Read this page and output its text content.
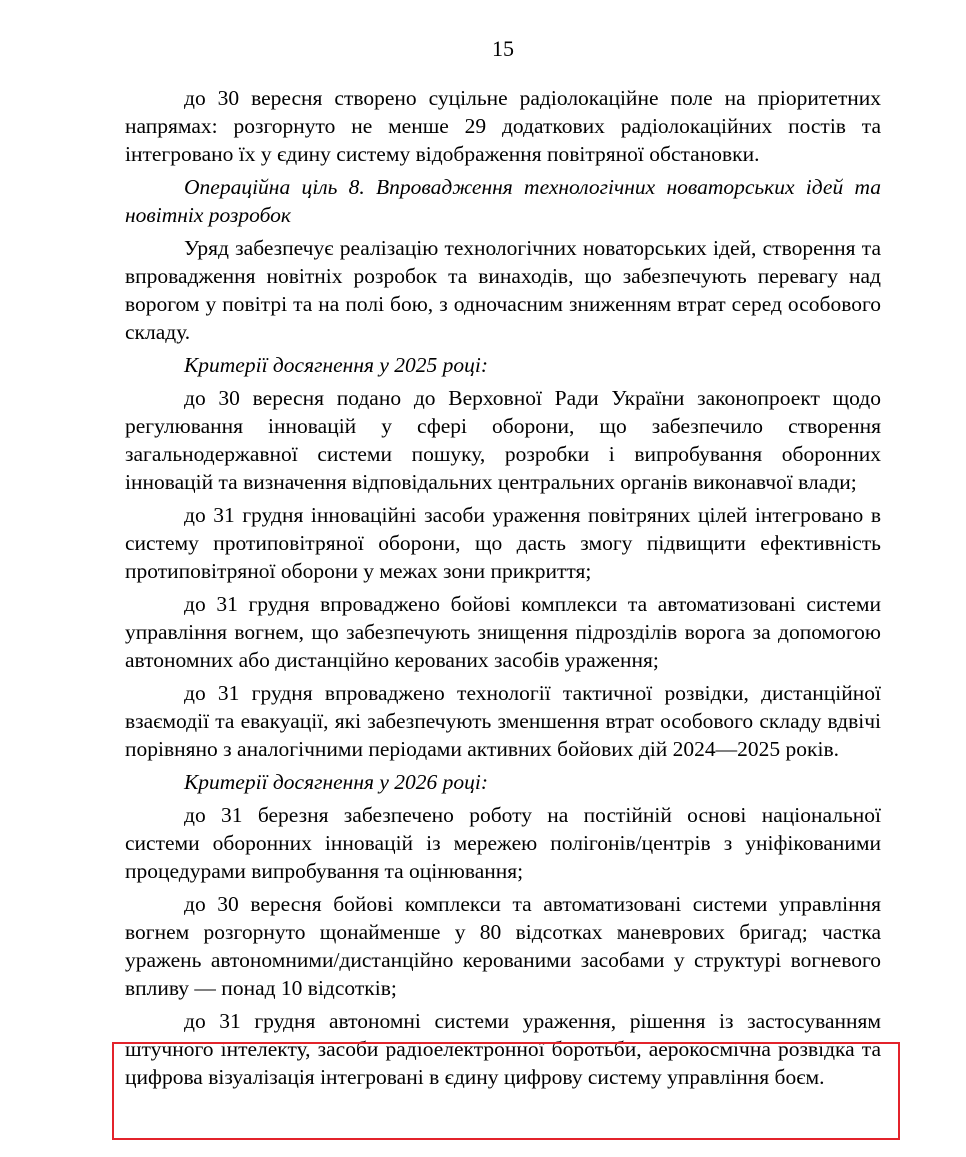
15

до 30 вересня створено суцільне радіолокаційне поле на пріоритетних напрямах: розгорнуто не менше 29 додаткових радіолокаційних постів та інтегровано їх у єдину систему відображення повітряної обстановки.

Операційна ціль 8. Впровадження технологічних новаторських ідей та новітніх розробок

Уряд забезпечує реалізацію технологічних новаторських ідей, створення та впровадження новітніх розробок та винаходів, що забезпечують перевагу над ворогом у повітрі та на полі бою, з одночасним зниженням втрат серед особового складу.

Критерії досягнення у 2025 році:

до 30 вересня подано до Верховної Ради України законопроект щодо регулювання інновацій у сфері оборони, що забезпечило створення загальнодержавної системи пошуку, розробки і випробування оборонних інновацій та визначення відповідальних центральних органів виконавчої влади;

до 31 грудня інноваційні засоби ураження повітряних цілей інтегровано в систему протиповітряної оборони, що дасть змогу підвищити ефективність протиповітряної оборони у межах зони прикриття;

до 31 грудня впроваджено бойові комплекси та автоматизовані системи управління вогнем, що забезпечують знищення підрозділів ворога за допомогою автономних або дистанційно керованих засобів ураження;

до 31 грудня впроваджено технології тактичної розвідки, дистанційної взаємодії та евакуації, які забезпечують зменшення втрат особового складу вдвічі порівняно з аналогічними періодами активних бойових дій 2024—2025 років.

Критерії досягнення у 2026 році:

до 31 березня забезпечено роботу на постійній основі національної системи оборонних інновацій із мережею полігонів/центрів з уніфікованими процедурами випробування та оцінювання;

до 30 вересня бойові комплекси та автоматизовані системи управління вогнем розгорнуто щонайменше у 80 відсотках маневрових бригад; частка уражень автономними/дистанційно керованими засобами у структурі вогневого впливу — понад 10 відсотків;

до 31 грудня автономні системи ураження, рішення із застосуванням штучного інтелекту, засоби радіоелектронної боротьби, аерокосмічна розвідка та цифрова візуалізація інтегровані в єдину цифрову систему управління боєм.
